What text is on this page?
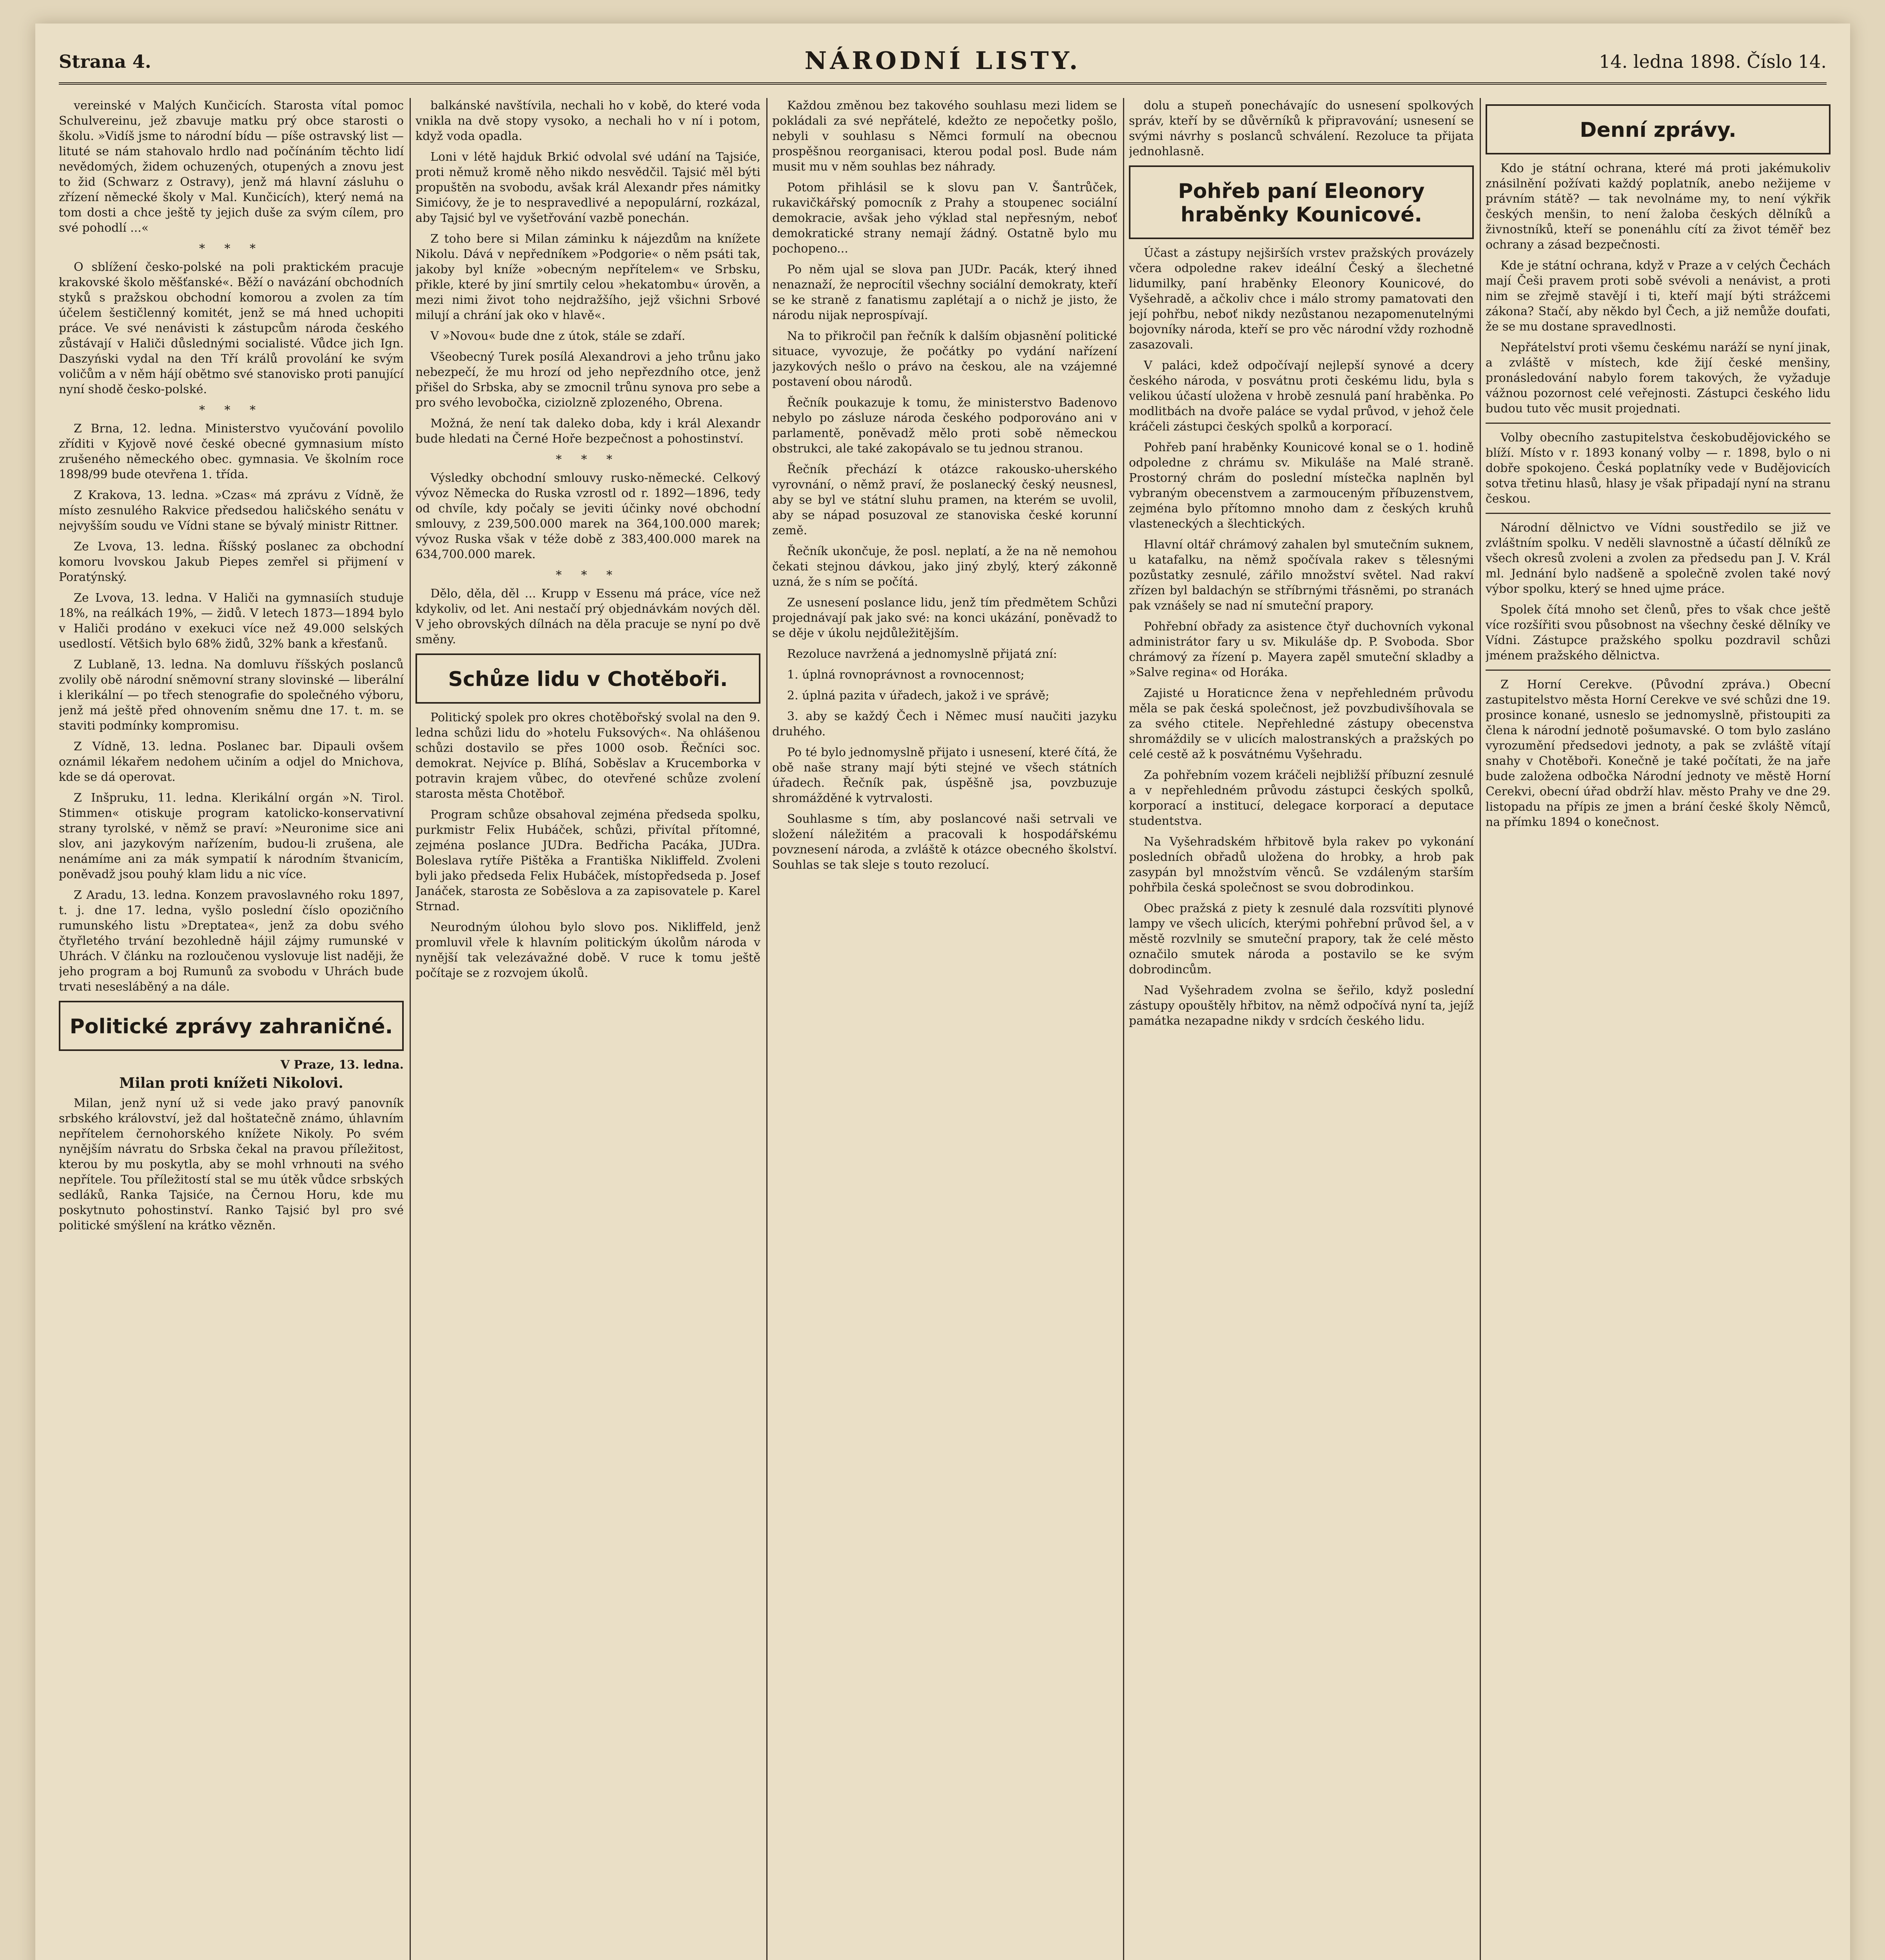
Strana 4.	NÁRODNÍ LISTY.	14. ledna 1898. Číslo 14.

vereinské v Malých Kunčicích. Starosta vítal pomoc Schulvereinu, jež zbavuje matku prý obce starosti o školu. »Vidíš jsme to národní bídu — píše ostravský list — lituté se nám stahovalo hrdlo nad počínáním těchto lidí nevědomých, židem ochuzených, otupených a znovu jest to žid (Schwarz z Ostravy), jenž má hlavní zásluhu o zřízení německé školy v Mal. Kunčicích), který nemá na tom dosti a chce ještě ty jejich duše za svým cílem, pro své pohodlí ...«

* * *

O sblížení česko-polské na poli praktickém pracuje krakovské školo měšťanské«. Běží o navázání obchodních styků s pražskou obchodní komorou a zvolen za tím účelem šestičlenný komitét, jenž se má hned uchopiti práce. Ve své nenávisti k zástupcům národa českého zůstávají v Haliči důslednými socialisté. Vůdce jich Ign. Daszyński vydal na den Tří králů provolání ke svým voličům a v něm hájí obětmo své stanovisko proti panující nyní shodě česko-polské.

* * *

Z Brna, 12. ledna. Ministerstvo vyučování povolilo zříditi v Kyjově nové české obecné gymnasium místo zrušeného německého obec. gymnasia. Ve školním roce 1898/99 bude otevřena 1. třída.

Z Krakova, 13. ledna. »Czas« má zprávu z Vídně, že místo zesnulého Rakvice předsedou haličského senátu v nejvyšším soudu ve Vídni stane se bývalý ministr Rittner.

Ze Lvova, 13. ledna. Říšský poslanec za obchodní komoru lvovskou Jakub Piepes zemřel si přijmení v Poratýnský.

Ze Lvova, 13. ledna. V Haliči na gymnasiích studuje 18%, na reálkách 19%, — židů. V letech 1873—1894 bylo v Haliči prodáno v exekuci více než 49.000 selských usedlostí. Většich bylo 68% židů, 32% bank a křesťanů.

Z Lublaně, 13. ledna. Na domluvu říšských poslanců zvolily obě národní sněmovní strany slovinské — liberální i klerikální — po třech stenografie do společného výboru, jenž má ještě před ohnovením sněmu dne 17. t. m. se staviti podmínky kompromisu.

Z Vídně, 13. ledna. Poslanec bar. Dipauli ovšem oznámil lékařem nedohem učiním a odjel do Mnichova, kde se dá operovat.

Z Inšpruku, 11. ledna. Klerikální orgán »N. Tirol. Stimmen« otiskuje program katolicko-konservativní strany tyrolské, v němž se praví: »Neuronime sice ani slov, ani jazykovým nařízením, budou-li zrušena, ale nenámíme ani za mák sympatií k národním štvanicím, poněvadž jsou pouhý klam lidu a nic více.

Z Aradu, 13. ledna. Konzem pravoslavného roku 1897, t. j. dne 17. ledna, vyšlo poslední číslo opozičního rumunského listu »Dreptatea«, jenž za dobu svého čtyřletého trvání bezohledně hájil zájmy rumunské v Uhrách. V článku na rozloučenou vyslovuje list naději, že jeho program a boj Rumunů za svobodu v Uhrách bude trvati nesesláběný a na dále.

Politické zprávy zahraničné.
V Praze, 13. ledna.
Milan proti knížeti Nikolovi.

Milan, jenž nyní už si vede jako pravý panovník srbského království, jež dal hoštatečně známo, úhlavním nepřítelem černohorského knížete Nikoly. Po svém nynějším návratu do Srbska čekal na pravou příležitost, kterou by mu poskytla, aby se mohl vrhnouti na svého nepřítele. Tou příležitostí stal se mu útěk vůdce srbských sedláků, Ranka Tajsiće, na Černou Horu, kde mu poskytnuto pohostinství. Ranko Tajsić byl pro své politické smýšlení na krátko vězněn.

balkánské navštívila, nechali ho v kobě, do které voda vnikla na dvě stopy vysoko, a nechali ho v ní i potom, když voda opadla.

Loni v létě hajduk Brkić odvolal své udání na Tajsiće, proti němuž kromě něho nikdo nesvědčil. Tajsić měl býti propuštěn na svobodu, avšak král Alexandr přes námitky Simićovy, že je to nespravedlivé a nepopulární, rozkázal, aby Tajsić byl ve vyšetřování vazbě ponechán.

Z toho bere si Milan záminku k nájezdům na knížete Nikolu. Dává v nepředníkem »Podgorie« o něm psáti tak, jakoby byl kníže »obecným nepřítelem« ve Srbsku, přikle, které by jiní smrtily celou »hekatombu« úrověn, a mezi nimi život toho nejdražšího, jejž všichni Srbové milují a chrání jak oko v hlavě«.

V »Novou« bude dne z útok, stále se zdaří.

Všeobecný Turek posílá Alexandrovi a jeho trůnu jako nebezpečí, že mu hrozí od jeho nepřezdního otce, jenž přišel do Srbska, aby se zmocnil trůnu synova pro sebe a pro svého levobočka, ciziolzně zplozeného, Obrena.

Možná, že není tak daleko doba, kdy i král Alexandr bude hledati na Černé Hoře bezpečnost a pohostinství.

* * *

Výsledky obchodní smlouvy rusko-německé. Celkový vývoz Německa do Ruska vzrostl od r. 1892—1896, tedy od chvíle, kdy počaly se jeviti účinky nové obchodní smlouvy, z 239,500.000 marek na 364,100.000 marek; vývoz Ruska však v téže době z 383,400.000 marek na 634,700.000 marek.

* * *

Dělo, děla, děl ... Krupp v Essenu má práce, více než kdykoliv, od let. Ani nestačí prý objednávkám nových děl. V jeho obrovských dílnách na děla pracuje se nyní po dvě směny.

Schůze lidu v Chotěboři.

Politický spolek pro okres chotěbořský svolal na den 9. ledna schůzi lidu do »hotelu Fuksových«. Na ohlášenou schůzi dostavilo se přes 1000 osob. Řečníci soc. demokrat. Nejvíce p. Blíhá, Soběslav a Krucemborka v potravin krajem vůbec, do otevřené schůze zvolení starosta města Chotěboř.

Program schůze obsahoval zejména předseda spolku, purkmistr Felix Hubáček, schůzi, přivítal přítomné, zejména poslance JUDra. Bedřicha Pacáka, JUDra. Boleslava rytíře Pištěka a Františka Nikliffeld. Zvoleni byli jako předseda Felix Hubáček, místopředseda p. Josef Janáček, starosta ze Soběslova a za zapisovatele p. Karel Strnad.

Neurodným úlohou bylo slovo pos. Nikliffeld, jenž promluvil vřele k hlavním politickým úkolům národa v nynější tak velezávažné době. V ruce k tomu ještě počítaje se z rozvojem úkolů.

Každou změnou bez takového souhlasu mezi lidem se pokládali za své nepřátelé, kdežto ze nepočetky pošlo, nebyli v souhlasu s Němci formulí na obecnou prospěšnou reorganisaci, kterou podal posl. Bude nám musit mu v něm souhlas bez náhrady.

Potom přihlásil se k slovu pan V. Šantrůček, rukavičkářský pomocník z Prahy a stoupenec sociální demokracie, avšak jeho výklad stal nepřesným, neboť demokratické strany nemají žádný. Ostatně bylo mu pochopeno...

Po něm ujal se slova pan JUDr. Pacák, který ihned nenaznaží, že neprocítil všechny sociální demokraty, kteří se ke straně z fanatismu zaplétají a o nichž je jisto, že národu nijak neprospívají.

Na to přikročil pan řečník k dalším objasnění politické situace, vyvozuje, že počátky po vydání nařízení jazykových nešlo o právo na českou, ale na vzájemné postavení obou národů.

Řečník poukazuje k tomu, že ministerstvo Badenovo nebylo po zásluze národa českého podporováno ani v parlamentě, poněvadž mělo proti sobě německou obstrukci, ale také zakopávalo se tu jednou stranou.

Řečník přechází k otázce rakousko-uherského vyrovnání, o němž praví, že poslanecký český neusnesl, aby se byl ve státní sluhu pramen, na kterém se uvolil, aby se nápad posuzoval ze stanoviska české korunní země.

Řečník ukončuje, že posl. neplatí, a že na ně nemohou čekati stejnou dávkou, jako jiný zbylý, který zákonně uzná, že s ním se počítá.

Ze usnesení poslance lidu, jenž tím předmětem Schůzi projednávají pak jako své: na konci ukázání, poněvadž to se děje v úkolu nejdůležitějším.

Rezoluce navržená a jednomyslně přijatá zní:

1. úplná rovnoprávnost a rovnocennost;

2. úplná pazita v úřadech, jakož i ve správě;

3. aby se každý Čech i Němec musí naučiti jazyku druhého.

Po té bylo jednomyslně přijato i usnesení, které čítá, že obě naše strany mají býti stejné ve všech státních úřadech. Řečník pak, úspěšně jsa, povzbuzuje shromážděné k vytrvalosti.

Souhlasme s tím, aby poslancové naši setrvali ve složení náležitém a pracovali k hospodářskému povznesení národa, a zvláště k otázce obecného školství. Souhlas se tak sleje s touto rezolucí.

dolu a stupeň ponechávajíc do usnesení spolkových správ, kteří by se důvěrníků k připravování; usnesení se svými návrhy s poslanců schválení. Rezoluce ta přijata jednohlasně.

Pohřeb paní Eleonory hraběnky Kounicové.

Účast a zástupy nejširších vrstev pražských provázely včera odpoledne rakev ideální Český a šlechetné lidumilky, paní hraběnky Eleonory Kounicové, do Vyšehradě, a ačkoliv chce i málo stromy pamatovati den její pohřbu, neboť nikdy nezůstanou nezapomenutelnými bojovníky národa, kteří se pro věc národní vždy rozhodně zasazovali.

V paláci, kdež odpočívají nejlepší synové a dcery českého národa, v posvátnu proti českému lidu, byla s velikou účastí uložena v hrobě zesnulá paní hraběnka. Po modlitbách na dvoře paláce se vydal průvod, v jehož čele kráčeli zástupci českých spolků a korporací.

Pohřeb paní hraběnky Kounicové konal se o 1. hodině odpoledne z chrámu sv. Mikuláše na Malé straně. Prostorný chrám do poslední místečka naplněn byl vybraným obecenstvem a zarmouceným příbuzenstvem, zejména bylo přítomno mnoho dam z českých kruhů vlasteneckých a šlechtických.

Hlavní oltář chrámový zahalen byl smutečním suknem, u katafalku, na němž spočívala rakev s tělesnými pozůstatky zesnulé, zářilo množství světel. Nad rakví zřízen byl baldachýn se stříbrnými třásněmi, po stranách pak vznášely se nad ní smuteční prapory.

Pohřební obřady za asistence čtyř duchovních vykonal administrátor fary u sv. Mikuláše dp. P. Svoboda. Sbor chrámový za řízení p. Mayera zapěl smuteční skladby a »Salve regina« od Horáka.

Zajisté u Horaticnce žena v nepřehledném průvodu měla se pak česká společnost, jež povzbudivšíhovala se za svého ctitele. Nepřehledné zástupy obecenstva shromáždily se v ulicích malostranských a pražských po celé cestě až k posvátnému Vyšehradu.

Za pohřebním vozem kráčeli nejbližší příbuzní zesnulé a v nepřehledném průvodu zástupci českých spolků, korporací a institucí, delegace korporací a deputace studentstva.

Na Vyšehradském hřbitově byla rakev po vykonání posledních obřadů uložena do hrobky, a hrob pak zasypán byl množstvím věnců. Se vzdáleným starším pohřbila česká společnost se svou dobrodinkou.

Obec pražská z piety k zesnulé dala rozsvítiti plynové lampy ve všech ulicích, kterými pohřební průvod šel, a v městě rozvlnily se smuteční prapory, tak že celé město označilo smutek národa a postavilo se ke svým dobrodincům.

Nad Vyšehradem zvolna se šeřilo, když poslední zástupy opouštěly hřbitov, na němž odpočívá nyní ta, jejíž památka nezapadne nikdy v srdcích českého lidu.

Denní zprávy.

Kdo je státní ochrana, které má proti jakémukoliv znásilnění požívati každý poplatník, anebo nežijeme v právním státě? — tak nevolnáme my, to není výkřik českých menšin, to není žaloba českých dělníků a živnostníků, kteří se ponenáhlu cítí za život téměř bez ochrany a zásad bezpečnosti.

Kde je státní ochrana, když v Praze a v celých Čechách mají Češi pravem proti sobě svévoli a nenávist, a proti nim se zřejmě stavějí i ti, kteří mají býti strážcemi zákona? Stačí, aby někdo byl Čech, a již nemůže doufati, že se mu dostane spravedlnosti.

Nepřátelství proti všemu českému naráží se nyní jinak, a zvláště v místech, kde žijí české menšiny, pronásledování nabylo forem takových, že vyžaduje vážnou pozornost celé veřejnosti. Zástupci českého lidu budou tuto věc musit projednati.

Volby obecního zastupitelstva českobudějovického se blíží. Místo v r. 1893 konaný volby — r. 1898, bylo o ni dobře spokojeno. Česká poplatníky vede v Budějovicích sotva třetinu hlasů, hlasy je však připadají nyní na stranu českou.

Národní dělnictvo ve Vídni soustředilo se již ve zvláštním spolku. V neděli slavnostně a účastí dělníků ze všech okresů zvoleni a zvolen za předsedu pan J. V. Král ml. Jednání bylo nadšeně a společně zvolen také nový výbor spolku, který se hned ujme práce.

Spolek čítá mnoho set členů, přes to však chce ještě více rozšířiti svou působnost na všechny české dělníky ve Vídni. Zástupce pražského spolku pozdravil schůzi jménem pražského dělnictva.

Z Horní Cerekve. (Původní zpráva.) Obecní zastupitelstvo města Horní Cerekve ve své schůzi dne 19. prosince konané, usneslo se jednomyslně, přistoupiti za člena k národní jednotě pošumavské. O tom bylo zasláno vyrozumění předsedovi jednoty, a pak se zvláště vítají snahy v Chotěboři. Konečně je také počítati, že na jaře bude založena odbočka Národní jednoty ve městě Horní Cerekvi, obecní úřad obdrží hlav. město Prahy ve dne 29. listopadu na přípis ze jmen a brání české školy Němců, na přímku 1894 o konečnost.
